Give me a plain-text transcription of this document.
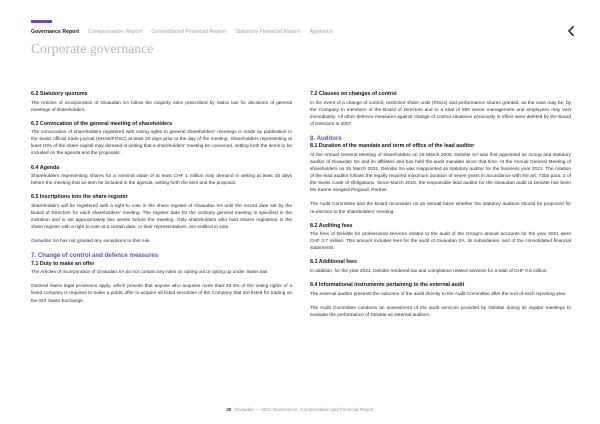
Governance Report	Compensation Report	Consolidated Financial Report	Statutory Financial Report	Appendix
Corporate governance
6.2 Statutory quorums

The Articles of incorporation of Givaudan SA follow the majority rules prescribed by Swiss law for decisions of general meetings of shareholders.

6.3 Convocation of the general meeting of shareholders

The convocation of shareholders registered with voting rights to general shareholders’ meetings is made by publication in the Swiss official trade journal (SHAB/FOSC) at least 20 days prior to the day of the meeting. Shareholders representing at least 10% of the share capital may demand in writing that a shareholders’ meeting be convened, setting forth the items to be included on the agenda and the proposals.

6.4 Agenda

Shareholders representing shares for a nominal value of at least CHF 1 million may demand in writing at least 45 days before the meeting that an item be included in the agenda, setting forth the item and the proposal.

6.5 Inscriptions into the share register

Shareholders will be registered with a right to vote in the share register of Givaudan SA until the record date set by the Board of Directors for each shareholders’ meeting. The register date for the ordinary general meeting is specified in the invitation and is set approximately two weeks before the meeting. Only shareholders who hold shares registered in the share register with a right to vote at a certain date, or their representatives, are entitled to vote.

Givaudan SA has not granted any exceptions to this rule.

7. Change of control and defence measures
7.1 Duty to make an offer

The Articles of Incorporation of Givaudan SA do not contain any rules on opting out or opting up under Swiss law.

General Swiss legal provisions apply, which provide that anyone who acquires more than 33.3% of the voting rights of a listed company is required to make a public offer to acquire all listed securities of the Company that are listed for trading on the SIX Swiss Exchange.

7.2 Clauses on changes of control

In the event of a change of control, restricted share units (RSUs) and performance shares granted, as the case may be, by the Company to members of the Board of Directors and to a total of 506 senior management and employees may vest immediately. All other defence measures against change of control situations previously in effect were deleted by the Board of Directors in 2007.

8. Auditors
8.1 Duration of the mandate and term of office of the lead auditor

At the Annual General Meeting of shareholders on 26 March 2009, Deloitte SA was first appointed as Group and statutory auditor of Givaudan SA and its affiliates and has held the audit mandate since that time. At the Annual General Meeting of shareholders on 25 March 2021, Deloitte SA was reappointed as statutory auditor for the business year 2021. The rotation of the lead auditor follows the legally required maximum duration of seven years in accordance with the art. 730a para. 2 of the Swiss Code of Obligations. Since March 2016, the responsible lead auditor for the Givaudan audit at Deloitte has been Ms Karine Szegedi Pingoud, Partner.

The Audit Committee and the Board reconsider on an annual basis whether the statutory auditors should be proposed for re-election to the shareholders’ meeting.

8.2 Auditing fees

The fees of Deloitte for professional services related to the audit of the Group’s annual accounts for the year 2021 were CHF 3.7 million. This amount includes fees for the audit of Givaudan SA, its subsidiaries, and of the consolidated financial statements.

8.3 Additional fees

In addition, for the year 2021, Deloitte rendered tax and compliance related services for a total of CHF 0.6 million.

8.4 Informational instruments pertaining to the external audit

The external auditor presents the outcome of the audit directly to the Audit Committee after the end of each reporting year.

The Audit Committee conducts an assessment of the audit services provided by Deloitte during its regular meetings to evaluate the performance of Deloitte as external auditors.

30 Givaudan — 2021 Governance, Compensation and Financial Report
